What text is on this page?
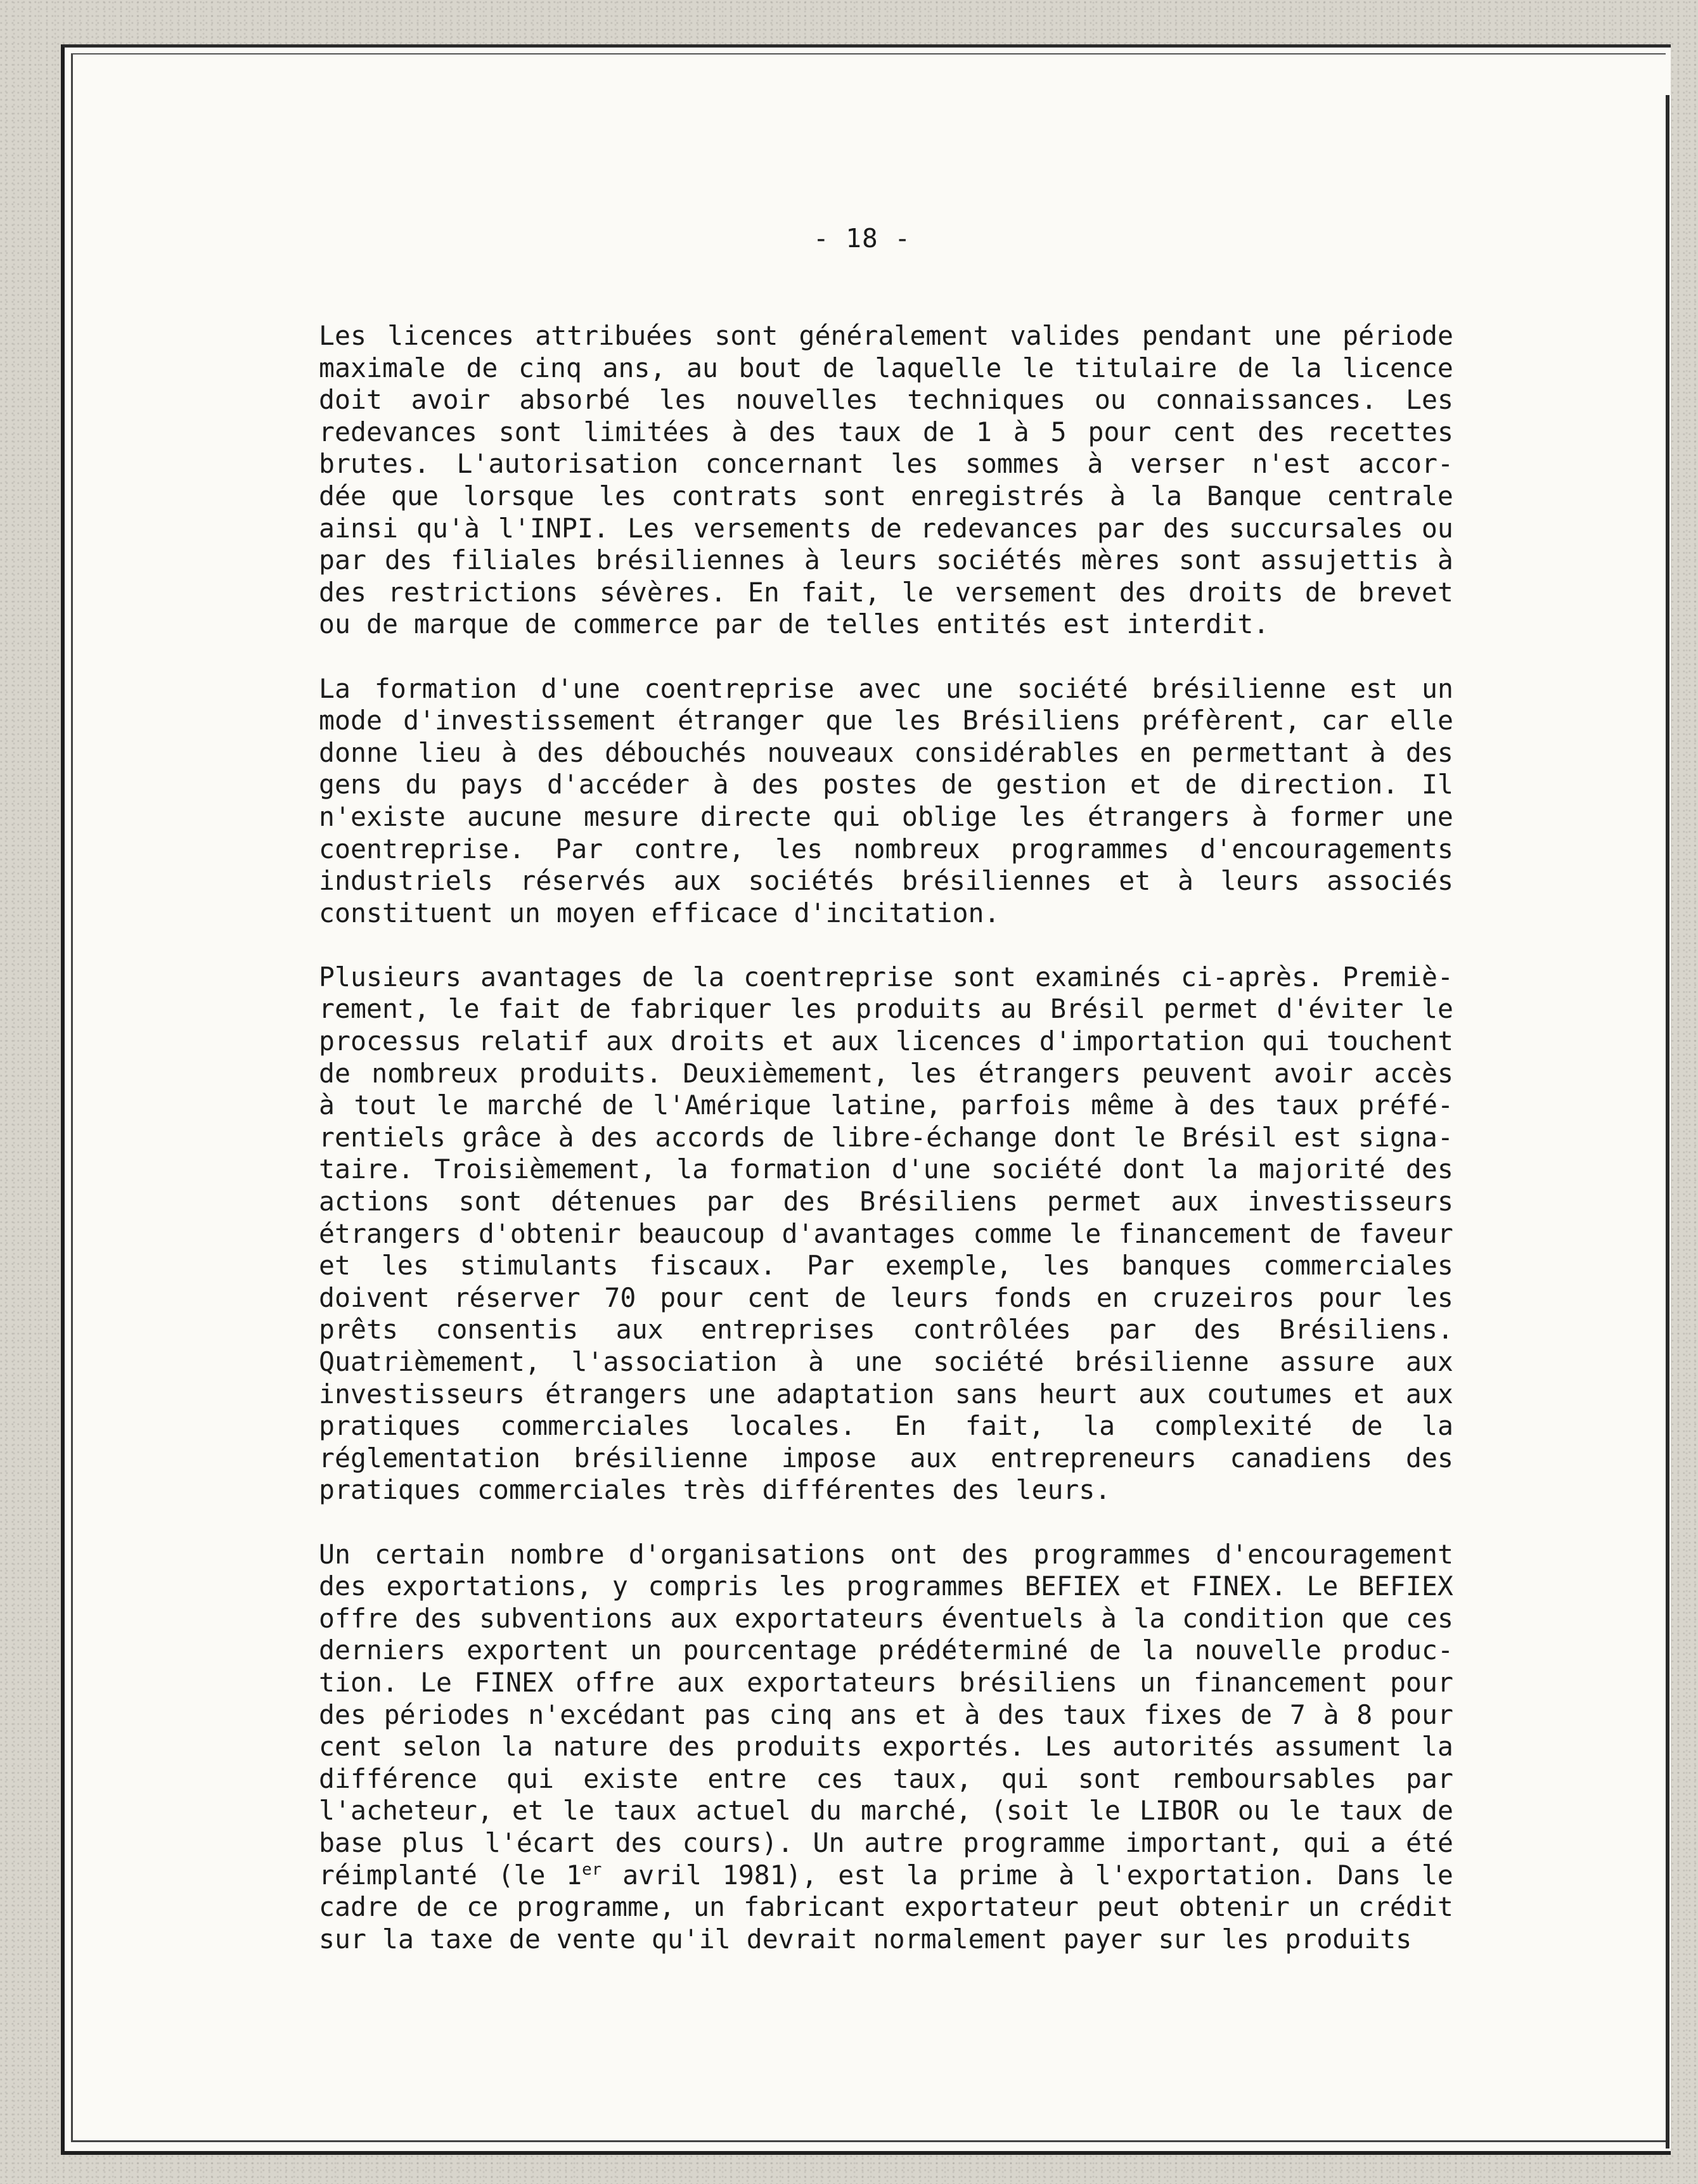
- 18 -
Les licences attribuées sont généralement valides pendant une période
maximale de cinq ans, au bout de laquelle le titulaire de la licence
doit avoir absorbé les nouvelles techniques ou connaissances. Les
redevances sont limitées à des taux de 1 à 5 pour cent des recettes
brutes. L'autorisation concernant les sommes à verser n'est accor-
dée que lorsque les contrats sont enregistrés à la Banque centrale
ainsi qu'à l'INPI. Les versements de redevances par des succursales ou
par des filiales brésiliennes à leurs sociétés mères sont assujettis à
des restrictions sévères. En fait, le versement des droits de brevet
ou de marque de commerce par de telles entités est interdit.
La formation d'une coentreprise avec une société brésilienne est un
mode d'investissement étranger que les Brésiliens préfèrent, car elle
donne lieu à des débouchés nouveaux considérables en permettant à des
gens du pays d'accéder à des postes de gestion et de direction. Il
n'existe aucune mesure directe qui oblige les étrangers à former une
coentreprise. Par contre, les nombreux programmes d'encouragements
industriels réservés aux sociétés brésiliennes et à leurs associés
constituent un moyen efficace d'incitation.
Plusieurs avantages de la coentreprise sont examinés ci-après. Premiè-
rement, le fait de fabriquer les produits au Brésil permet d'éviter le
processus relatif aux droits et aux licences d'importation qui touchent
de nombreux produits. Deuxièmement, les étrangers peuvent avoir accès
à tout le marché de l'Amérique latine, parfois même à des taux préfé-
rentiels grâce à des accords de libre-échange dont le Brésil est signa-
taire. Troisièmement, la formation d'une société dont la majorité des
actions sont détenues par des Brésiliens permet aux investisseurs
étrangers d'obtenir beaucoup d'avantages comme le financement de faveur
et les stimulants fiscaux. Par exemple, les banques commerciales
doivent réserver 70 pour cent de leurs fonds en cruzeiros pour les
prêts consentis aux entreprises contrôlées par des Brésiliens.
Quatrièmement, l'association à une société brésilienne assure aux
investisseurs étrangers une adaptation sans heurt aux coutumes et aux
pratiques commerciales locales. En fait, la complexité de la
réglementation brésilienne impose aux entrepreneurs canadiens des
pratiques commerciales très différentes des leurs.
Un certain nombre d'organisations ont des programmes d'encouragement
des exportations, y compris les programmes BEFIEX et FINEX. Le BEFIEX
offre des subventions aux exportateurs éventuels à la condition que ces
derniers exportent un pourcentage prédéterminé de la nouvelle produc-
tion. Le FINEX offre aux exportateurs brésiliens un financement pour
des périodes n'excédant pas cinq ans et à des taux fixes de 7 à 8 pour
cent selon la nature des produits exportés. Les autorités assument la
différence qui existe entre ces taux, qui sont remboursables par
l'acheteur, et le taux actuel du marché, (soit le LIBOR ou le taux de
base plus l'écart des cours). Un autre programme important, qui a été
réimplanté (le 1er avril 1981), est la prime à l'exportation. Dans le
cadre de ce programme, un fabricant exportateur peut obtenir un crédit
sur la taxe de vente qu'il devrait normalement payer sur les produits
